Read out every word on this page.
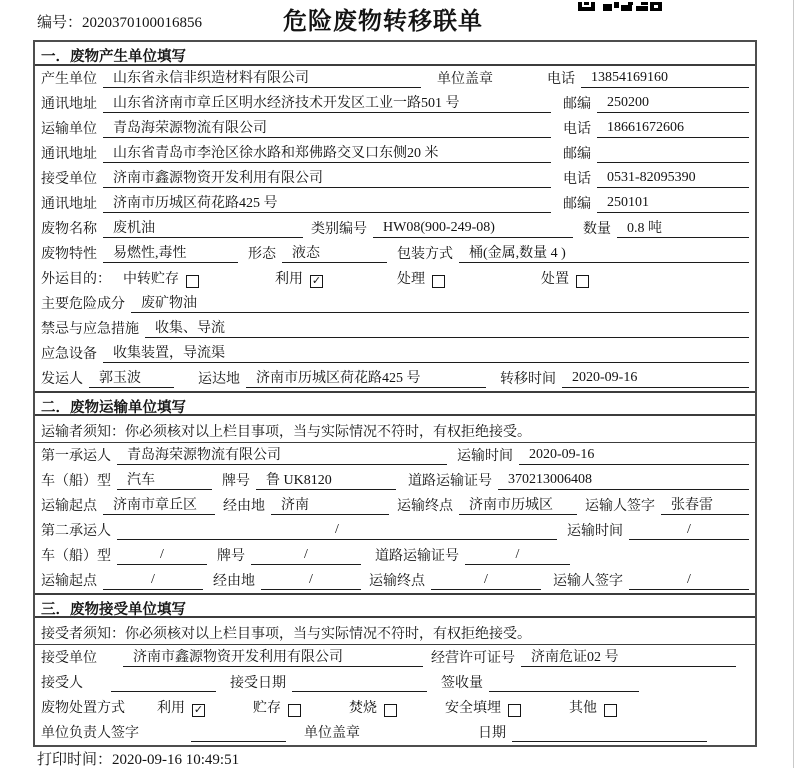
编号：2020370100016856	危险废物转移联单
一．废物产生单位填写
产生单位	山东省永信非织造材料有限公司	单位盖章	电话	13854169160
通讯地址	山东省济南市章丘区明水经济技术开发区工业一路501 号	邮编	250200
运输单位	青岛海荣源物流有限公司	电话	18661672606
通讯地址	山东省青岛市李沧区徐水路和郑佛路交叉口东侧20 米	邮编
接受单位	济南市鑫源物资开发利用有限公司	电话	0531-82095390
通讯地址	济南市历城区荷花路425 号	邮编	250101
废物名称	废机油	类别编号	HW08(900-249-08)	数量	0.8 吨
废物特性	易燃性,毒性	形态	液态	包装方式	桶(金属,数量 4 )
外运目的： 中转贮存	利用 ✓	处理	处置
主要危险成分	废矿物油
禁忌与应急措施	收集、导流
应急设备	收集装置，导流渠
发运人	郭玉波	运达地	济南市历城区荷花路425 号	转移时间	2020-09-16
二．废物运输单位填写
运输者须知：你必须核对以上栏目事项，当与实际情况不符时，有权拒绝接受。
第一承运人	青岛海荣源物流有限公司	运输时间	2020-09-16
车（船）型	汽车	牌号	鲁 UK8120	道路运输证号	370213006408
运输起点	济南市章丘区	经由地	济南	运输终点	济南市历城区	运输人签字	张春雷
第二承运人	/	运输时间	/
车（船）型	/	牌号	/	道路运输证号	/
运输起点	/	经由地	/	运输终点	/	运输人签字	/
三．废物接受单位填写
接受者须知：你必须核对以上栏目事项，当与实际情况不符时，有权拒绝接受。
接受单位	济南市鑫源物资开发利用有限公司	经营许可证号	济南危证02 号
接受人	接受日期	签收量
废物处置方式 利用 ✓	贮存	焚烧	安全填埋	其他
单位负责人签字	单位盖章	日期
打印时间：2020-09-16 10:49:51
